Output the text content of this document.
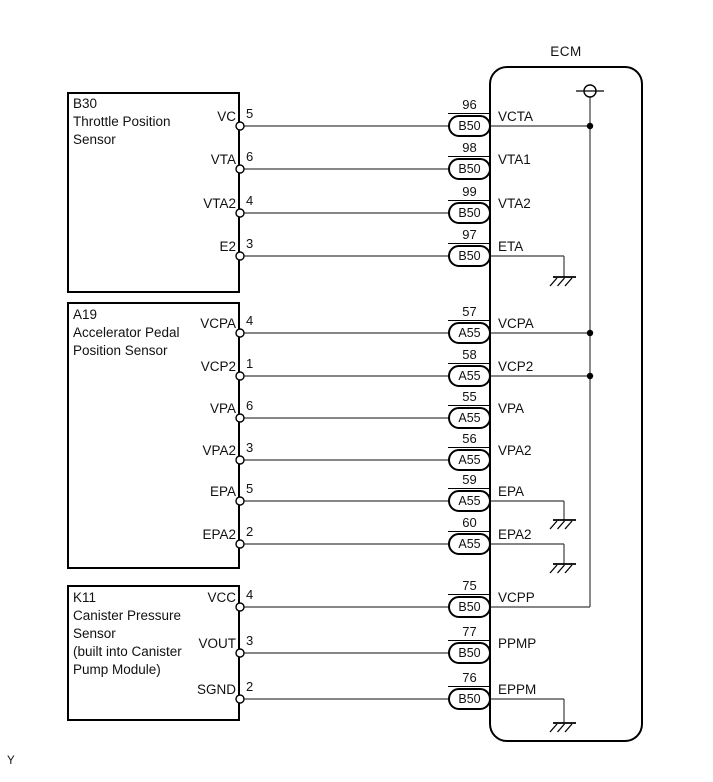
ECM
B30
Throttle Position
Sensor
A19
Accelerator Pedal
Position Sensor
K11
Canister Pressure
Sensor
(built into Canister
Pump Module)
VC 5
96
B50
VCTA
VTA 6
98
B50
VTA1
VTA2 4
99
B50
VTA2
E2 3
97
B50
ETA
VCPA 4
57
A55
VCPA
VCP2 1
58
A55
VCP2
VPA 6
55
A55
VPA
VPA2 3
56
A55
VPA2
EPA 5
59
A55
EPA
EPA2 2
60
A55
EPA2
VCC 4
75
B50
VCPP
VOUT 3
77
B50
PPMP
SGND 2
76
B50
EPPM
Y
